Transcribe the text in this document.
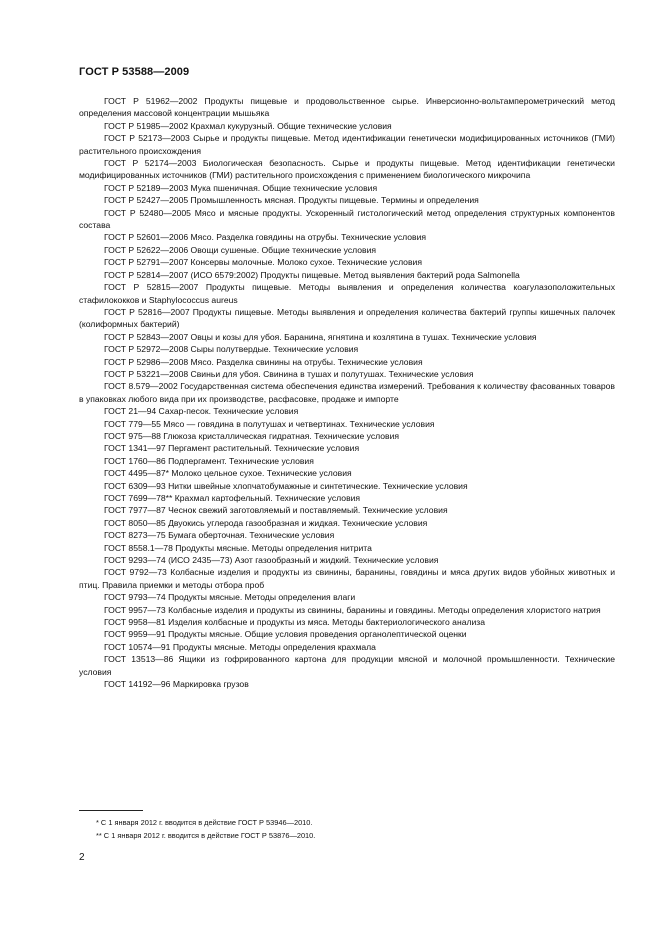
ГОСТ Р 53588—2009

ГОСТ Р 51962—2002 Продукты пищевые и продовольственное сырье. Инверсионно-вольтамперометрический метод определения массовой концентрации мышьяка

ГОСТ Р 51985—2002 Крахмал кукурузный. Общие технические условия

ГОСТ Р 52173—2003 Сырье и продукты пищевые. Метод идентификации генетически модифицированных источников (ГМИ) растительного происхождения

ГОСТ Р 52174—2003 Биологическая безопасность. Сырье и продукты пищевые. Метод идентификации генетически модифицированных источников (ГМИ) растительного происхождения с применением биологического микрочипа

ГОСТ Р 52189—2003 Мука пшеничная. Общие технические условия

ГОСТ Р 52427—2005 Промышленность мясная. Продукты пищевые. Термины и определения

ГОСТ Р 52480—2005 Мясо и мясные продукты. Ускоренный гистологический метод определения структурных компонентов состава

ГОСТ Р 52601—2006 Мясо. Разделка говядины на отрубы. Технические условия

ГОСТ Р 52622—2006 Овощи сушеные. Общие технические условия

ГОСТ Р 52791—2007 Консервы молочные. Молоко сухое. Технические условия

ГОСТ Р 52814—2007 (ИСО 6579:2002) Продукты пищевые. Метод выявления бактерий рода Salmonella

ГОСТ Р 52815—2007 Продукты пищевые. Методы выявления и определения количества коагулазоположительных стафилококков и Staphylococcus aureus

ГОСТ Р 52816—2007 Продукты пищевые. Методы выявления и определения количества бактерий группы кишечных палочек (колиформных бактерий)

ГОСТ Р 52843—2007 Овцы и козы для убоя. Баранина, ягнятина и козлятина в тушах. Технические условия

ГОСТ Р 52972—2008 Сыры полутвердые. Технические условия

ГОСТ Р 52986—2008 Мясо. Разделка свинины на отрубы. Технические условия

ГОСТ Р 53221—2008 Свиньи для убоя. Свинина в тушах и полутушах. Технические условия

ГОСТ 8.579—2002 Государственная система обеспечения единства измерений. Требования к количеству фасованных товаров в упаковках любого вида при их производстве, расфасовке, продаже и импорте

ГОСТ 21—94 Сахар-песок. Технические условия

ГОСТ 779—55 Мясо — говядина в полутушах и четвертинах. Технические условия

ГОСТ 975—88 Глюкоза кристаллическая гидратная. Технические условия

ГОСТ 1341—97 Пергамент растительный. Технические условия

ГОСТ 1760—86 Подпергамент. Технические условия

ГОСТ 4495—87* Молоко цельное сухое. Технические условия

ГОСТ 6309—93 Нитки швейные хлопчатобумажные и синтетические. Технические условия

ГОСТ 7699—78** Крахмал картофельный. Технические условия

ГОСТ 7977—87 Чеснок свежий заготовляемый и поставляемый. Технические условия

ГОСТ 8050—85 Двуокись углерода газообразная и жидкая. Технические условия

ГОСТ 8273—75 Бумага оберточная. Технические условия

ГОСТ 8558.1—78 Продукты мясные. Методы определения нитрита

ГОСТ 9293—74 (ИСО 2435—73) Азот газообразный и жидкий. Технические условия

ГОСТ 9792—73 Колбасные изделия и продукты из свинины, баранины, говядины и мяса других видов убойных животных и птиц. Правила приемки и методы отбора проб

ГОСТ 9793—74 Продукты мясные. Методы определения влаги

ГОСТ 9957—73 Колбасные изделия и продукты из свинины, баранины и говядины. Методы определения хлористого натрия

ГОСТ 9958—81 Изделия колбасные и продукты из мяса. Методы бактериологического анализа

ГОСТ 9959—91 Продукты мясные. Общие условия проведения органолептической оценки

ГОСТ 10574—91 Продукты мясные. Методы определения крахмала

ГОСТ 13513—86 Ящики из гофрированного картона для продукции мясной и молочной промышленности. Технические условия

ГОСТ 14192—96 Маркировка грузов

* С 1 января 2012 г. вводится в действие ГОСТ Р 53946—2010.

** С 1 января 2012 г. вводится в действие ГОСТ Р 53876—2010.

2
